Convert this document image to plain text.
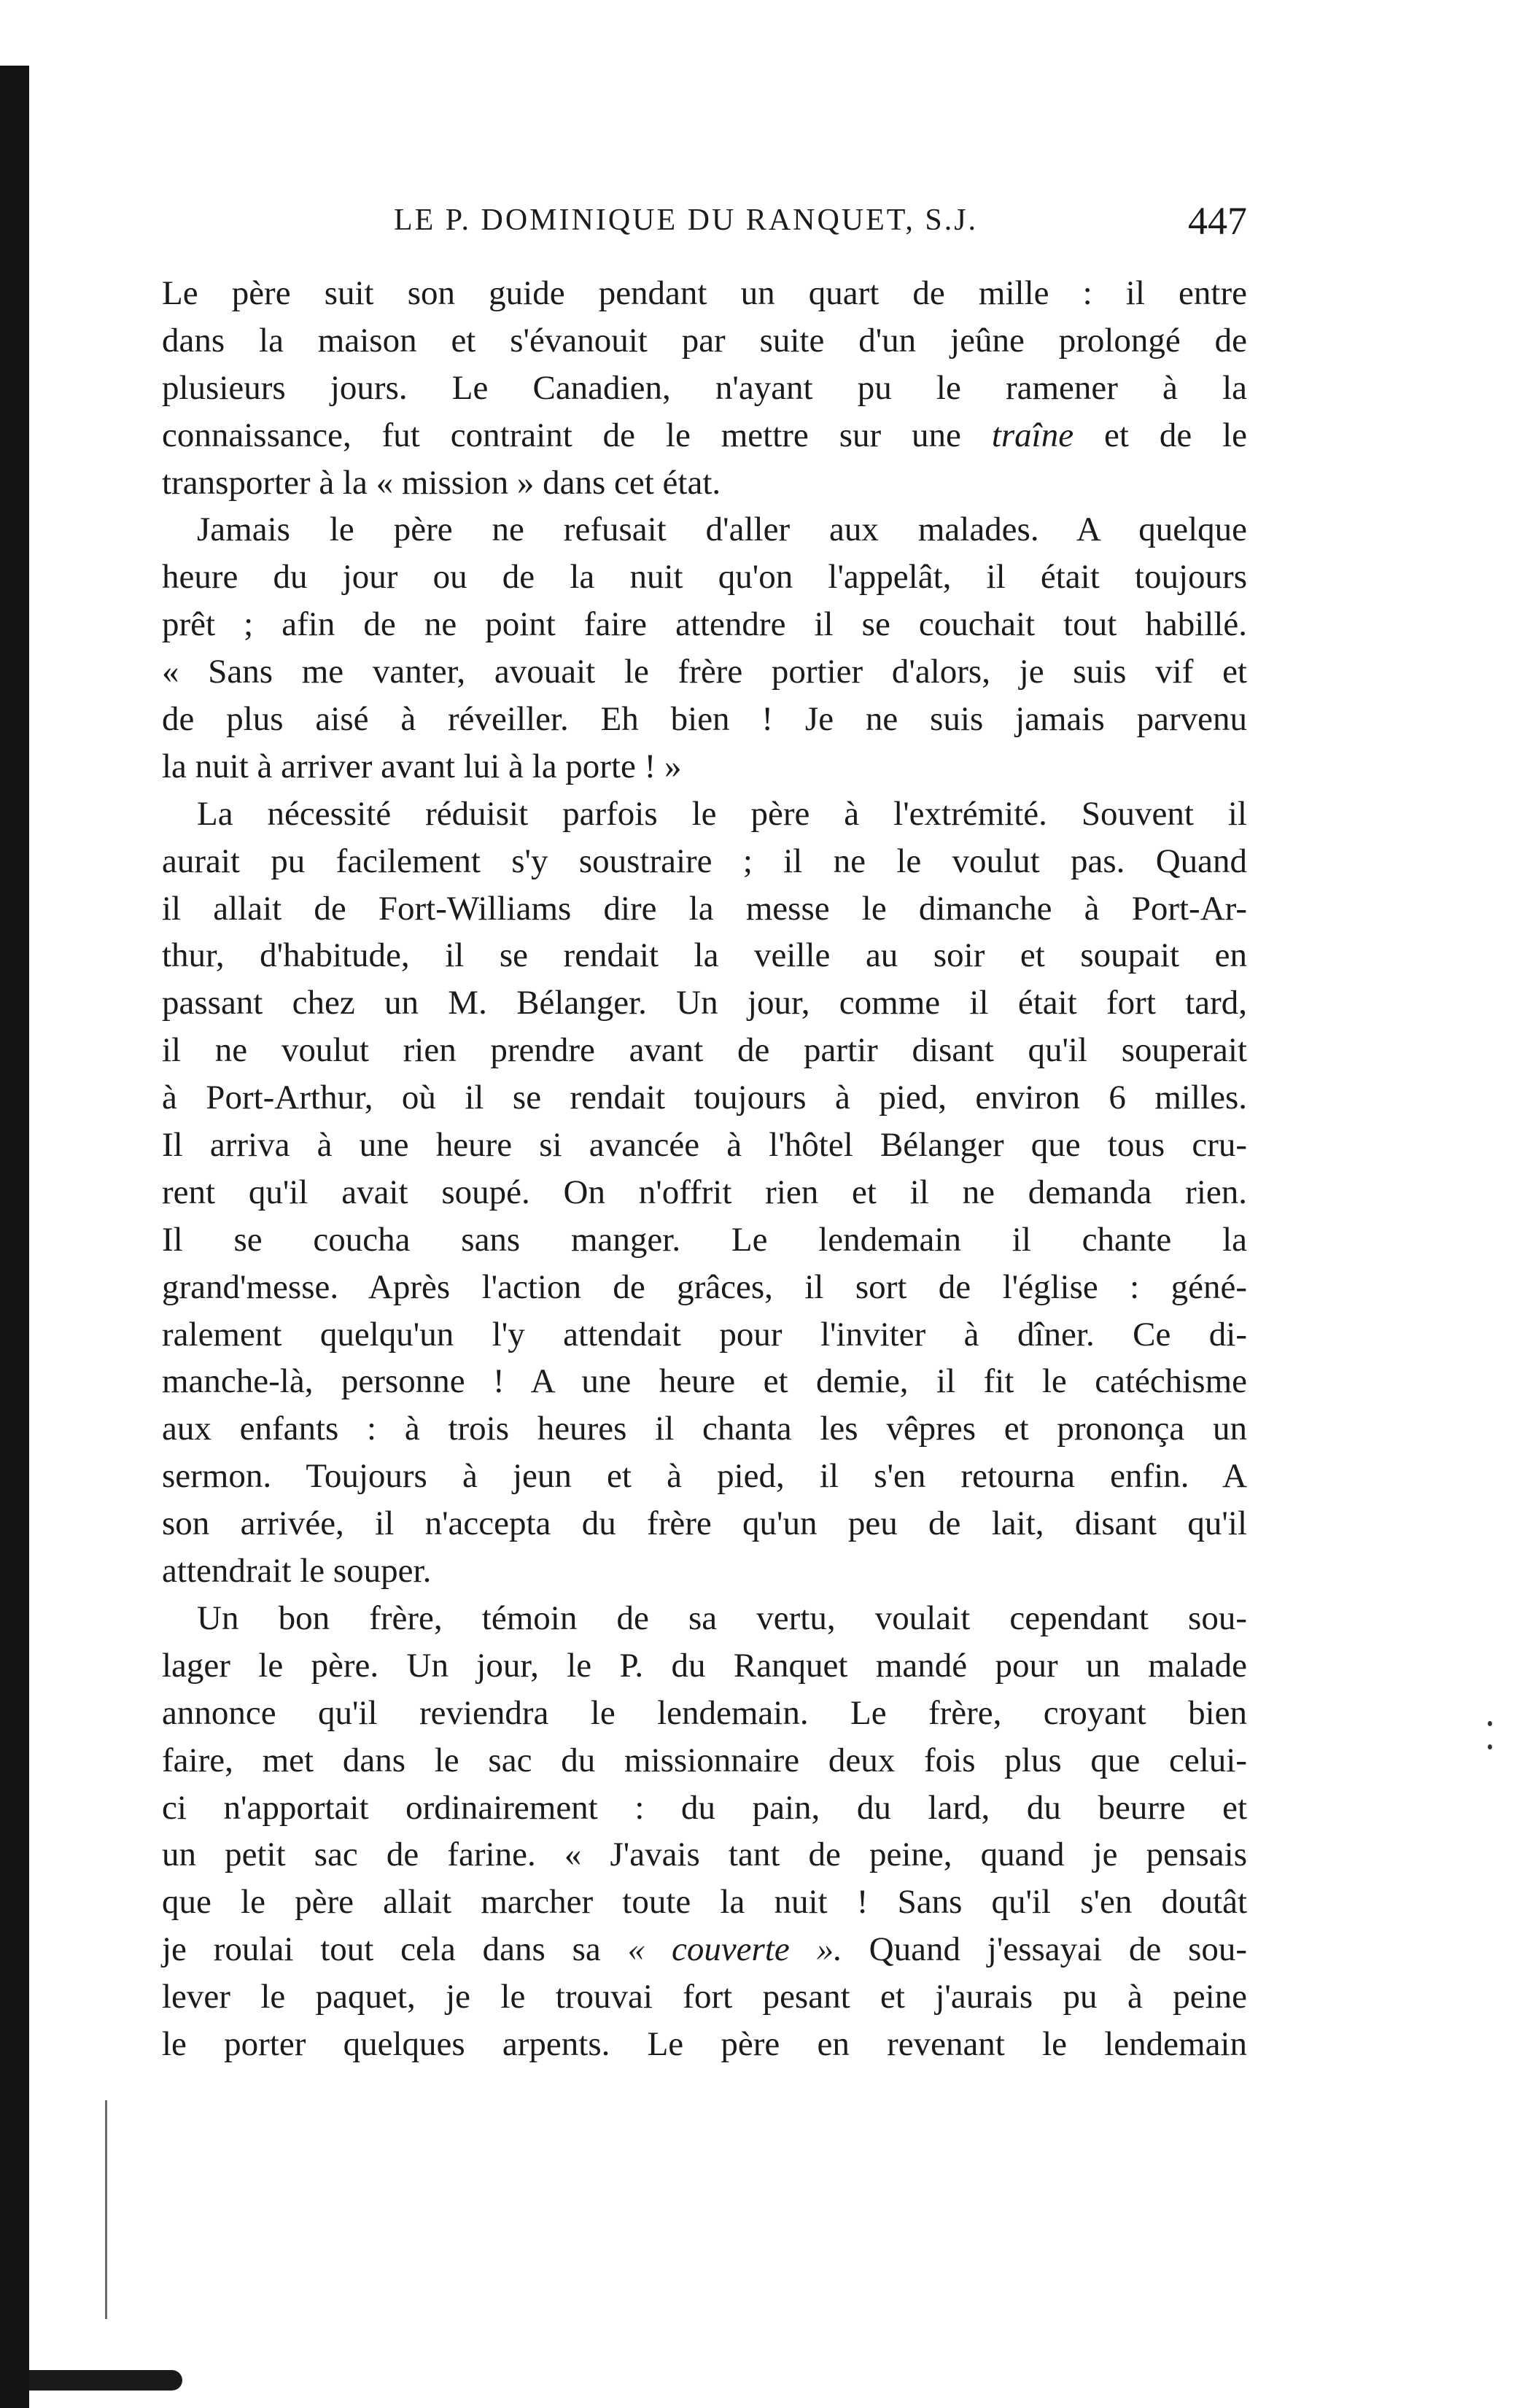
LE P. DOMINIQUE DU RANQUET, S.J.	447
Le père suit son guide pendant un quart de mille : il entre
dans la maison et s'évanouit par suite d'un jeûne prolongé de
plusieurs jours. Le Canadien, n'ayant pu le ramener à la
connaissance, fut contraint de le mettre sur une traîne et de le
transporter à la « mission » dans cet état.
Jamais le père ne refusait d'aller aux malades. A quelque
heure du jour ou de la nuit qu'on l'appelât, il était toujours
prêt ; afin de ne point faire attendre il se couchait tout habillé.
« Sans me vanter, avouait le frère portier d'alors, je suis vif et
de plus aisé à réveiller. Eh bien ! Je ne suis jamais parvenu
la nuit à arriver avant lui à la porte ! »
La nécessité réduisit parfois le père à l'extrémité. Souvent il
aurait pu facilement s'y soustraire ; il ne le voulut pas. Quand
il allait de Fort-Williams dire la messe le dimanche à Port-Ar-
thur, d'habitude, il se rendait la veille au soir et soupait en
passant chez un M. Bélanger. Un jour, comme il était fort tard,
il ne voulut rien prendre avant de partir disant qu'il souperait
à Port-Arthur, où il se rendait toujours à pied, environ 6 milles.
Il arriva à une heure si avancée à l'hôtel Bélanger que tous cru-
rent qu'il avait soupé. On n'offrit rien et il ne demanda rien.
Il se coucha sans manger. Le lendemain il chante la
grand'messe. Après l'action de grâces, il sort de l'église : géné-
ralement quelqu'un l'y attendait pour l'inviter à dîner. Ce di-
manche-là, personne ! A une heure et demie, il fit le catéchisme
aux enfants : à trois heures il chanta les vêpres et prononça un
sermon. Toujours à jeun et à pied, il s'en retourna enfin. A
son arrivée, il n'accepta du frère qu'un peu de lait, disant qu'il
attendrait le souper.
Un bon frère, témoin de sa vertu, voulait cependant sou-
lager le père. Un jour, le P. du Ranquet mandé pour un malade
annonce qu'il reviendra le lendemain. Le frère, croyant bien
faire, met dans le sac du missionnaire deux fois plus que celui-
ci n'apportait ordinairement : du pain, du lard, du beurre et
un petit sac de farine. « J'avais tant de peine, quand je pensais
que le père allait marcher toute la nuit ! Sans qu'il s'en doutât
je roulai tout cela dans sa « couverte ». Quand j'essayai de sou-
lever le paquet, je le trouvai fort pesant et j'aurais pu à peine
le porter quelques arpents. Le père en revenant le lendemain
